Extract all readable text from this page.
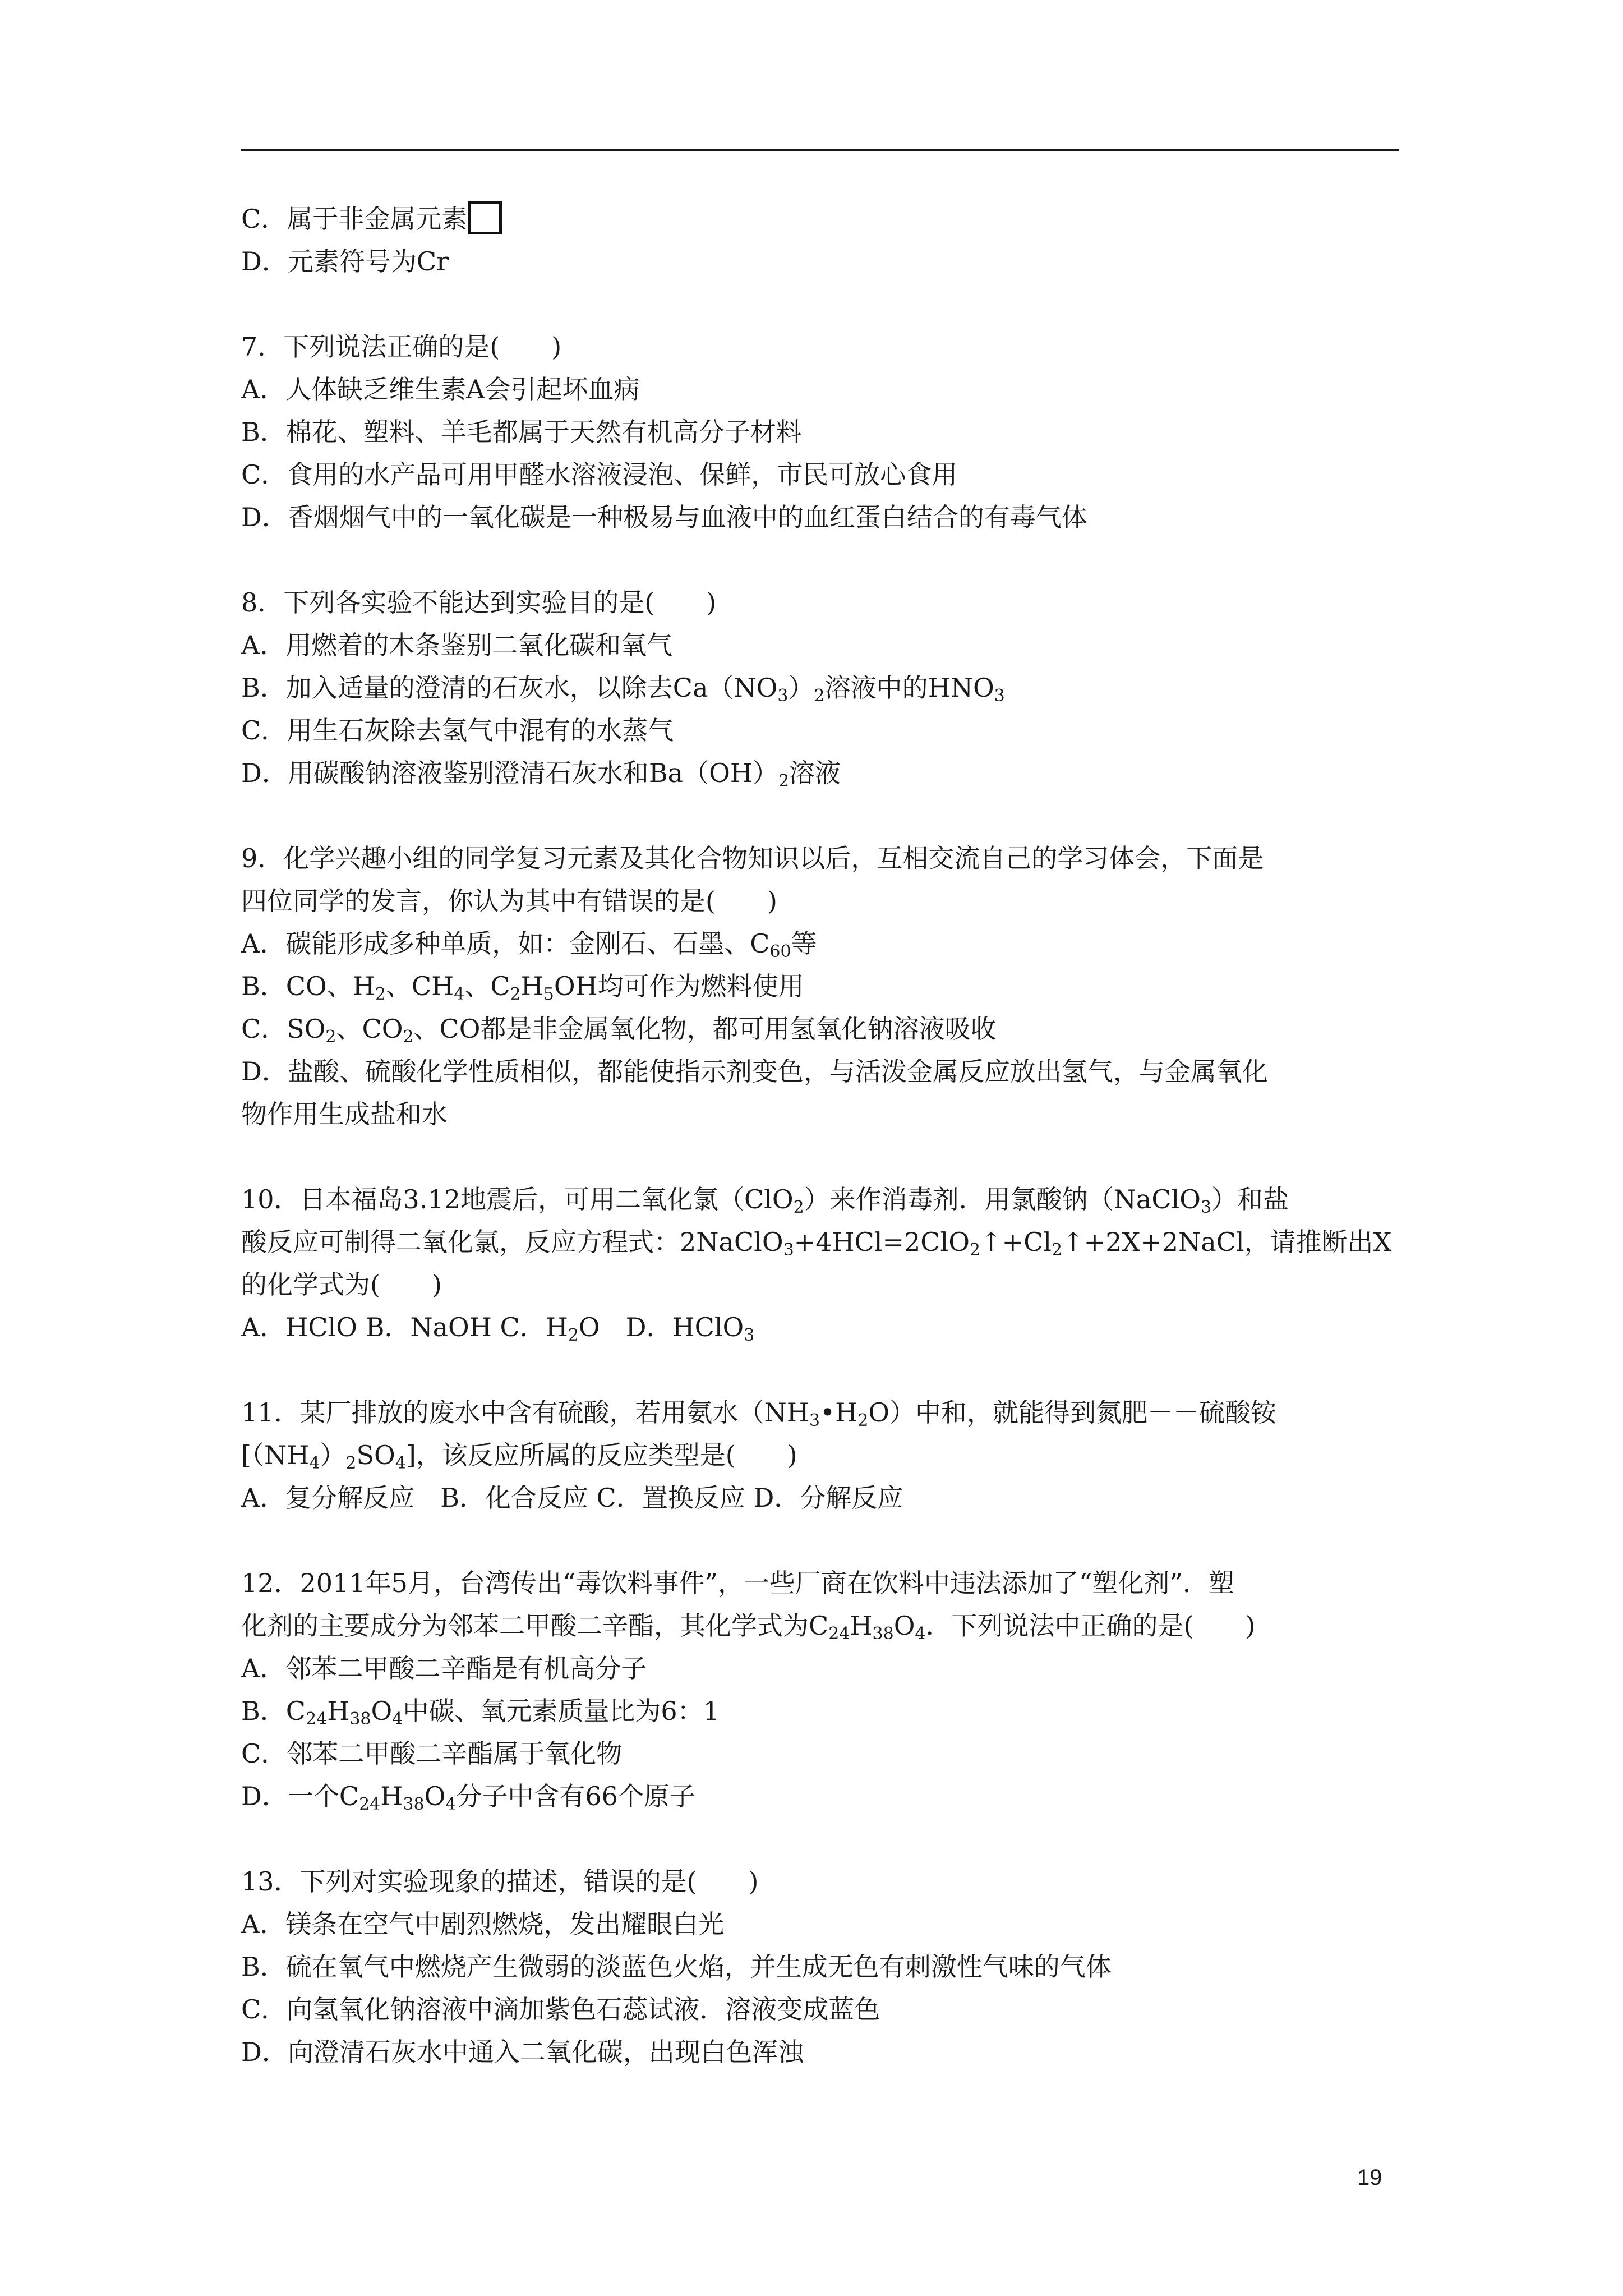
C．属于非金属元素
D．元素符号为Cr
7．下列说法正确的是(　　)
A．人体缺乏维生素A会引起坏血病
B．棉花、塑料、羊毛都属于天然有机高分子材料
C．食用的水产品可用甲醛水溶液浸泡、保鲜，市民可放心食用
D．香烟烟气中的一氧化碳是一种极易与血液中的血红蛋白结合的有毒气体
8．下列各实验不能达到实验目的是(　　)
A．用燃着的木条鉴别二氧化碳和氧气
B．加入适量的澄清的石灰水，以除去$Ca(NO_3)_2$溶液中的$HNO_3$
C．用生石灰除去氢气中混有的水蒸气
D．用碳酸钠溶液鉴别澄清石灰水和$Ba(OH)_2$溶液
9．化学兴趣小组的同学复习元素及其化合物知识以后，互相交流自己的学习体会，下面是
四位同学的发言，你认为其中有错误的是(　　)
A．碳能形成多种单质，如：金刚石、石墨、$C_{60}$等
B．CO、$H_2$、$CH_4$、$C_2H_5OH$均可作为燃料使用
C．$SO_2$、$CO_2$、CO都是非金属氧化物，都可用氢氧化钠溶液吸收
D．盐酸、硫酸化学性质相似，都能使指示剂变色，与活泼金属反应放出氢气，与金属氧化
物作用生成盐和水
10．日本福岛3.12地震后，可用二氧化氯（ClO$_2$）来作消毒剂．用氯酸钠（NaClO$_3$）和盐
酸反应可制得二氧化氯，反应方程式：$2NaClO_3+4HCl=2ClO_2↑+Cl_2↑+2X+2NaCl$，请推断出X
的化学式为(　　)
A．HClO B．NaOH C．$H_2O$　D．HClO$_3$
11．某厂排放的废水中含有硫酸，若用氨水$(NH_3•H_2O)$中和，就能得到氮肥－－硫酸铵
$[(NH_4)_2SO_4]$，该反应所属的反应类型是(　　)
A．复分解反应　B．化合反应 C．置换反应 D．分解反应
12．2011年5月，台湾传出“毒饮料事件”，一些厂商在饮料中违法添加了“塑化剂”．塑
化剂的主要成分为邻苯二甲酸二辛酯，其化学式为$C_{24}H_{38}O_4$．下列说法中正确的是(　　)
A．邻苯二甲酸二辛酯是有机高分子
B．$C_{24}H_{38}O_4$中碳、氧元素质量比为6：1
C．邻苯二甲酸二辛酯属于氧化物
D．一个$C_{24}H_{38}O_4$分子中含有66个原子
13．下列对实验现象的描述，错误的是(　　)
A．镁条在空气中剧烈燃烧，发出耀眼白光
B．硫在氧气中燃烧产生微弱的淡蓝色火焰，并生成无色有刺激性气味的气体
C．向氢氧化钠溶液中滴加紫色石蕊试液．溶液变成蓝色
D．向澄清石灰水中通入二氧化碳，出现白色浑浊
19
